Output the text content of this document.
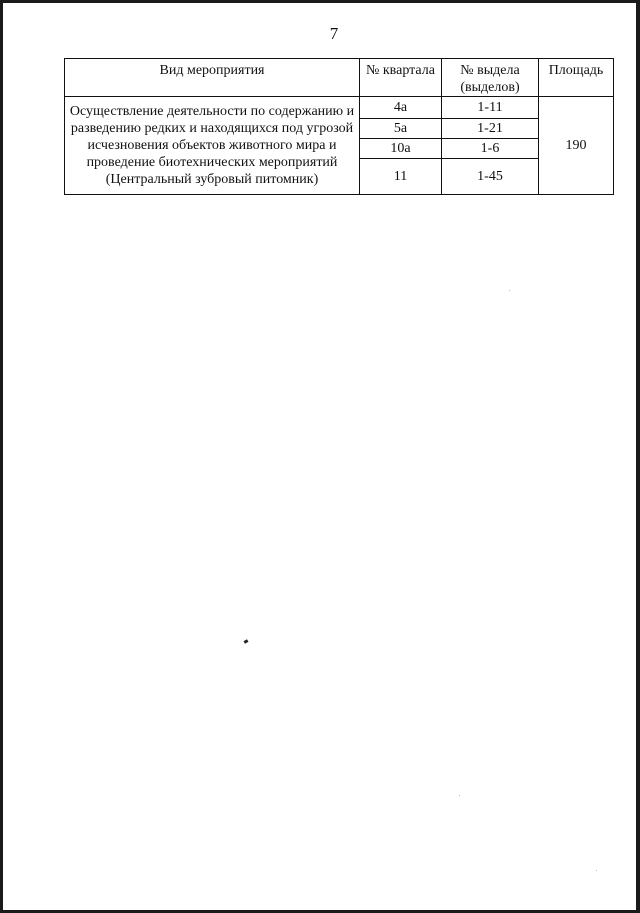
7
Вид мероприятия	№ квартала	№ выдела (выделов)	Площадь
Осуществление деятельности по содержанию и разведению редких и находящихся под угрозой исчезновения объектов животного мира и проведение биотехнических мероприятий (Центральный зубровый питомник)	4а	1-11	190
	5а	1-21	
	10а	1-6	
	11	1-45	
